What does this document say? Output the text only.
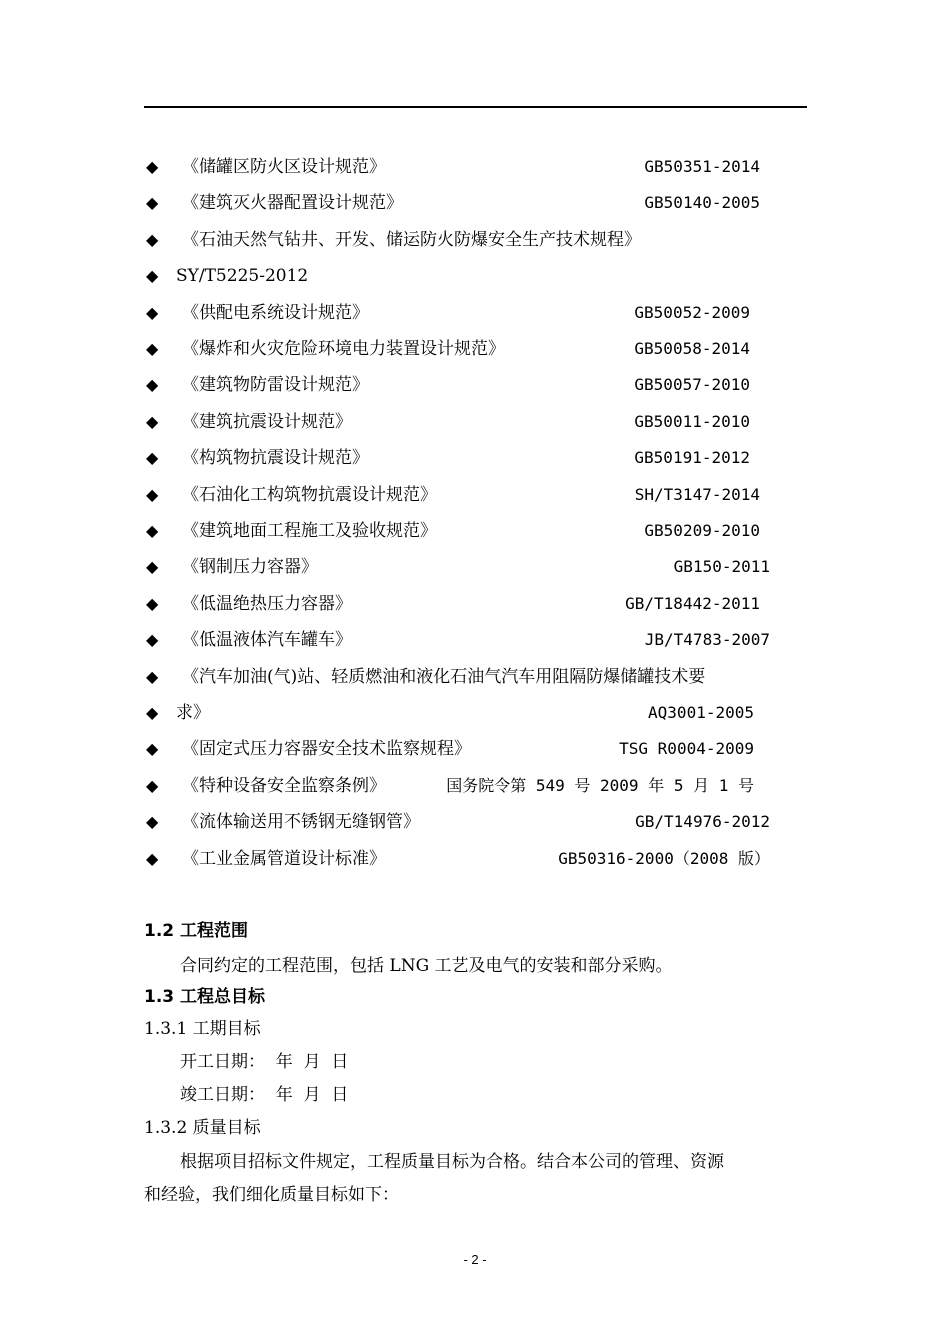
◆ 《储罐区防火区设计规范》	GB50351-2014
◆ 《建筑灭火器配置设计规范》	GB50140-2005
◆ 《石油天然气钻井、开发、储运防火防爆安全生产技术规程》
◆ SY/T5225-2012
◆ 《供配电系统设计规范》	GB50052-2009
◆ 《爆炸和火灾危险环境电力装置设计规范》	GB50058-2014
◆ 《建筑物防雷设计规范》	GB50057-2010
◆ 《建筑抗震设计规范》	GB50011-2010
◆ 《构筑物抗震设计规范》	GB50191-2012
◆ 《石油化工构筑物抗震设计规范》	SH/T3147-2014
◆ 《建筑地面工程施工及验收规范》	GB50209-2010
◆ 《钢制压力容器》	GB150-2011
◆ 《低温绝热压力容器》	GB/T18442-2011
◆ 《低温液体汽车罐车》	JB/T4783-2007
◆ 《汽车加油(气)站、轻质燃油和液化石油气汽车用阻隔防爆储罐技术要
◆ 求》	AQ3001-2005
◆ 《固定式压力容器安全技术监察规程》	TSG R0004-2009
◆ 《特种设备安全监察条例》	国务院令第 549 号 2009 年 5 月 1 号
◆ 《流体输送用不锈钢无缝钢管》	GB/T14976-2012
◆ 《工业金属管道设计标准》	GB50316-2000（2008 版）
1.2 工程范围
合同约定的工程范围，包括 LNG 工艺及电气的安装和部分采购。
1.3 工程总目标
1.3.1 工期目标
开工日期：  年  月  日
竣工日期：  年  月  日
1.3.2 质量目标
根据项目招标文件规定，工程质量目标为合格。结合本公司的管理、资源
和经验，我们细化质量目标如下：
- 2 -
